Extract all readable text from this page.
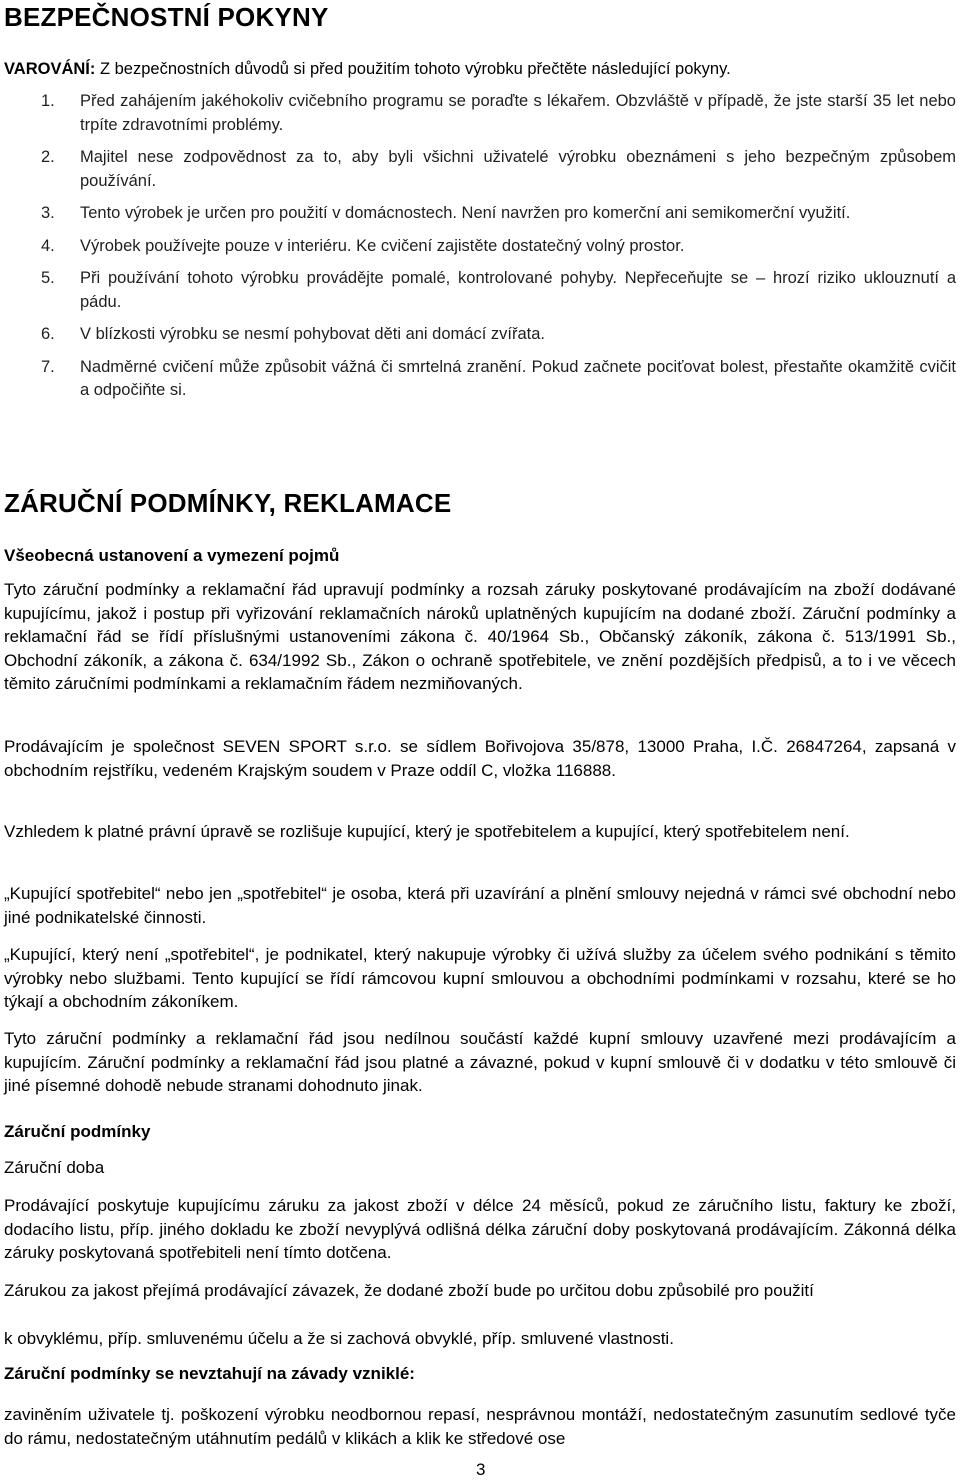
BEZPEČNOSTNÍ POKYNY
VAROVÁNÍ: Z bezpečnostních důvodů si před použitím tohoto výrobku přečtěte následující pokyny.
1. Před zahájením jakéhokoliv cvičebního programu se poraďte s lékařem. Obzvláště v případě, že jste starší 35 let nebo trpíte zdravotními problémy.
2. Majitel nese zodpovědnost za to, aby byli všichni uživatelé výrobku obeznámeni s jeho bezpečným způsobem používání.
3. Tento výrobek je určen pro použití v domácnostech. Není navržen pro komerční ani semikomerční využití.
4. Výrobek používejte pouze v interiéru. Ke cvičení zajistěte dostatečný volný prostor.
5. Při používání tohoto výrobku provádějte pomalé, kontrolované pohyby. Nepřeceňujte se – hrozí riziko uklouznutí a pádu.
6. V blízkosti výrobku se nesmí pohybovat děti ani domácí zvířata.
7. Nadměrné cvičení může způsobit vážná či smrtelná zranění. Pokud začnete pociťovat bolest, přestaňte okamžitě cvičit a odpočiňte si.
ZÁRUČNÍ PODMÍNKY, REKLAMACE
Všeobecná ustanovení a vymezení pojmů

Tyto záruční podmínky a reklamační řád upravují podmínky a rozsah záruky poskytované prodávajícím na zboží dodávané kupujícímu, jakož i postup při vyřizování reklamačních nároků uplatněných kupujícím na dodané zboží. Záruční podmínky a reklamační řád se řídí příslušnými ustanoveními zákona č. 40/1964 Sb., Občanský zákoník, zákona č. 513/1991 Sb., Obchodní zákoník, a zákona č. 634/1992 Sb., Zákon o ochraně spotřebitele, ve znění pozdějších předpisů, a to i ve věcech těmito záručními podmínkami a reklamačním řádem nezmiňovaných.

Prodávajícím je společnost SEVEN SPORT s.r.o. se sídlem Bořivojova 35/878, 13000 Praha, I.Č. 26847264, zapsaná v obchodním rejstříku, vedeném Krajským soudem v Praze oddíl C, vložka 116888.

Vzhledem k platné právní úpravě se rozlišuje kupující, který je spotřebitelem a kupující, který spotřebitelem není.

„Kupující spotřebitel“ nebo jen „spotřebitel“ je osoba, která při uzavírání a plnění smlouvy nejedná v rámci své obchodní nebo jiné podnikatelské činnosti.

„Kupující, který není „spotřebitel“, je podnikatel, který nakupuje výrobky či užívá služby za účelem svého podnikání s těmito výrobky nebo službami. Tento kupující se řídí rámcovou kupní smlouvou a obchodními podmínkami v rozsahu, které se ho týkají a obchodním zákoníkem.

Tyto záruční podmínky a reklamační řád jsou nedílnou součástí každé kupní smlouvy uzavřené mezi prodávajícím a kupujícím. Záruční podmínky a reklamační řád jsou platné a závazné, pokud v kupní smlouvě či v dodatku v této smlouvě či jiné písemné dohodě nebude stranami dohodnuto jinak.

Záruční podmínky
Záruční doba

Prodávající poskytuje kupujícímu záruku za jakost zboží v délce 24 měsíců, pokud ze záručního listu, faktury ke zboží, dodacího listu, příp. jiného dokladu ke zboží nevyplývá odlišná délka záruční doby poskytovaná prodávajícím. Zákonná délka záruky poskytovaná spotřebiteli není tímto dotčena.

Zárukou za jakost přejímá prodávající závazek, že dodané zboží bude po určitou dobu způsobilé pro použití

k obvyklému, příp. smluvenému účelu a že si zachová obvyklé, příp. smluvené vlastnosti.

Záruční podmínky se nevztahují na závady vzniklé:

zaviněním uživatele tj. poškození výrobku neodbornou repasí, nesprávnou montáží, nedostatečným zasunutím sedlové tyče do rámu, nedostatečným utáhnutím pedálů v klikách a klik ke středové ose

3
